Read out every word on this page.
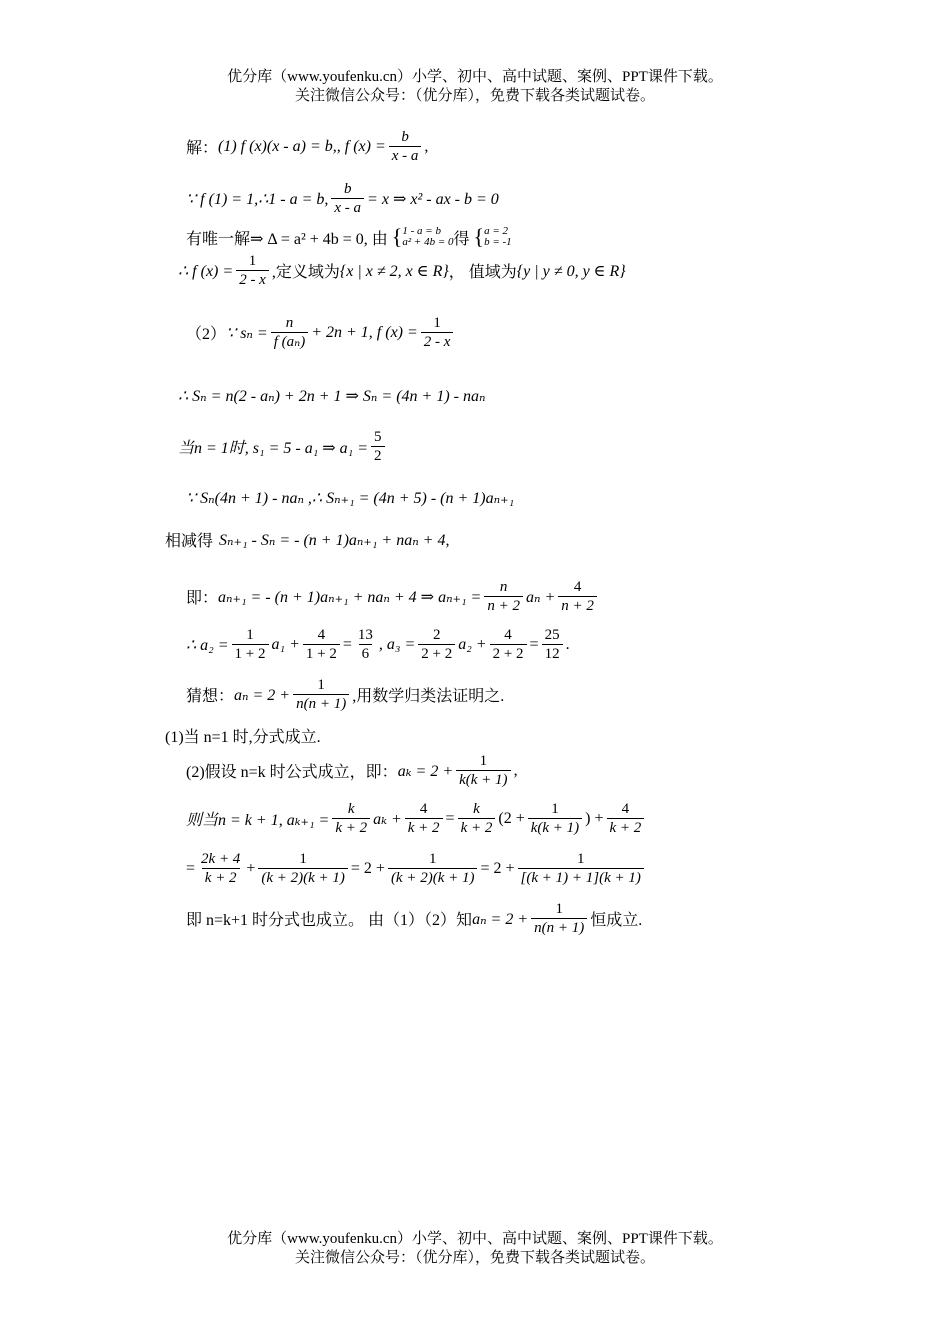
优分库（www.youfenku.cn）小学、初中、高中试题、案例、PPT课件下载。
关注微信公众号：（优分库），免费下载各类试题试卷。
解： (1) f (x)(x - a) = b,, f $(x) = \frac{b}{x - a}$ ,
∵ f (1) = 1,∴1 - a = b, $\frac{b}{x - a} = x$ ⇒ x² - ax - b = 0
有唯一解⇒ Δ = a² + 4b = 0, 由 { 1 - a = b
a² + 4b = 0 得 { a = 2
b = -1
∴ f $(x) = \frac{1}{2 - x}$ ,定义域为 {x | x ≠ 2, x ∈ R} ， 值域为 {y | y ≠ 0, y ∈ R}
（2） ∵ $s_n = \frac{n}{\text{f (aₙ)}} + 2n + 1$, f $(x) = \frac{1}{2 - x}$
∴ Sₙ = n(2 - aₙ) + 2n + 1 ⇒ Sₙ = (4n + 1) - naₙ
当n = 1时, s₁ = 5 - a₁ ⇒ $a_1 = \frac{5}{2}$
∵ Sₙ(4n + 1) - naₙ ,∴ Sₙ₊₁ = (4n + 5) - (n + 1)aₙ₊₁
相减得 Sₙ₊₁ - Sₙ = - (n + 1)aₙ₊₁ + naₙ + 4,
即： aₙ₊₁ = - (n + 1)aₙ₊₁ + naₙ + 4 ⇒ $a_{n+1} = \frac{n}{n + 2}$ $a_n + \frac{4}{n + 2}$
∴ $a_2 = \frac{1}{1 + 2} a_1 + \frac{4}{1 + 2} = \frac{13}{6}$ , $a_3 = \frac{2}{2 + 2} a_2 + \frac{4}{2 + 2} = \frac{25}{12}$ .
猜想： $a_n = 2 + \frac{1}{n(n + 1)}$ ,用数学归类法证明之.
(1)当 n=1 时,分式成立.
(2)假设 n=k 时公式成立，即： $a_k = 2 + \frac{1}{k(k + 1)}$ ,
则当n = k + 1, $a_{k+1} = \frac{k}{k + 2}$ $a_k + \frac{4}{k + 2} = \frac{k}{k + 2} (2 + \frac{1}{k(k + 1)}$ ) + $\frac{4}{k + 2}$
= $\frac{2k + 4}{k + 2} + \frac{1}{(k + 2)(k + 1)} = 2 + \frac{1}{(k + 2)(k + 1)} = 2 + \frac{1}{[(k + 1) + 1](k + 1)}$
即 n=k+1 时分式也成立。 由（1）（2）知 $a_n = 2 + \frac{1}{n(n + 1)}$ 恒成立.
优分库（www.youfenku.cn）小学、初中、高中试题、案例、PPT课件下载。
关注微信公众号：（优分库），免费下载各类试题试卷。
